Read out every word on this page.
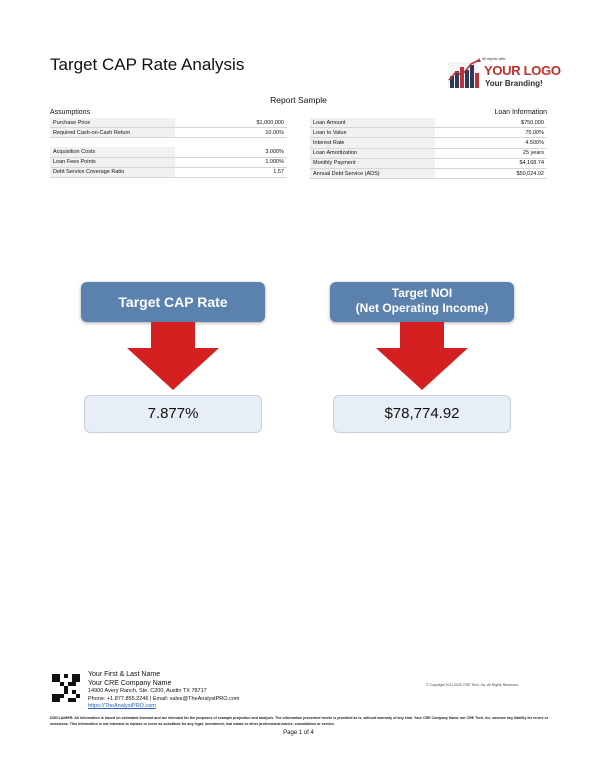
Target CAP Rate Analysis	All reports with:
YOUR LOGO
Your Branding!
Report Sample
Assumptions	Loan Information
Purchase Price	$1,000,000
Required Cash-on-Cash Return	10.00%

Acquisition Costs	3.000%
Loan Fees Points	1.000%
Debt Service Coverage Ratio	1.57
Loan Amount	$750,000
Loan to Value	75.00%
Interest Rate	4.500%
Loan Amortization	25 years
Monthly Payment	$4,168.74
Annual Debt Service (ADS)	$50,024.92
Target CAP Rate
7.877%
Target NOI
(Net Operating Income)
$78,774.92
Your First & Last Name
Your CRE Company Name
14900 Avery Ranch, Ste. C200, Austin TX 78717
Phone: +1.877.855.2246 | Email: sales@TheAnalystPRO.com
https://TheAnalystPRO.com
© Copyright 2011-2020 CRE Tech, Inc. All Rights Reserved.
DISCLAIMER: All information is based on estimated forecast and are intended for the purposes of example projection and analysis. The information presented herein is provided as is, without warranty of any kind. Your CRE Company Name nor CRE Tech, Inc. assume any liability for errors or omissions. This information is not intended to replace or serve as substitute for any legal, investment, real estate or other professional advice, consultation or service.
Page 1 of 4
